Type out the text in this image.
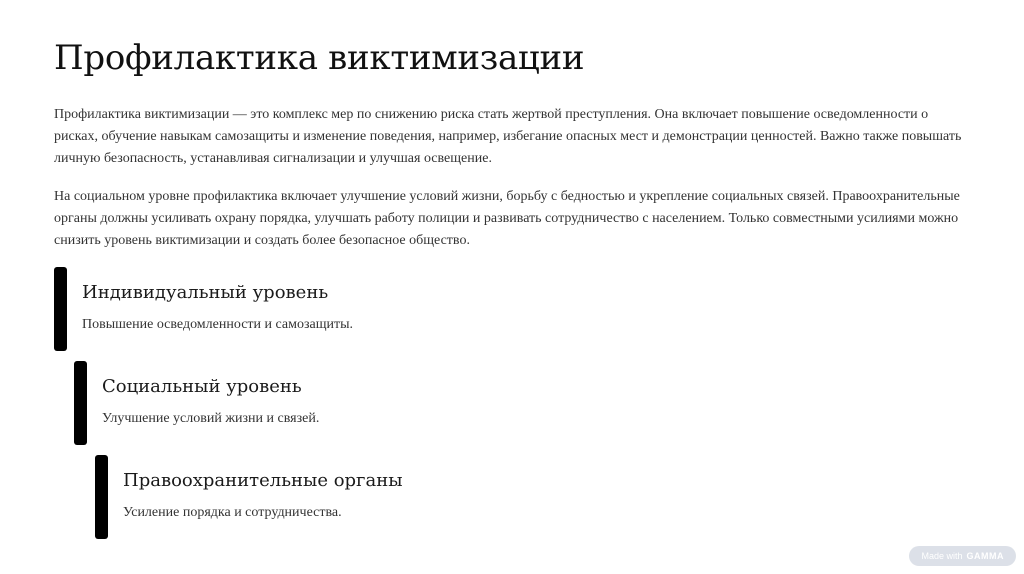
Профилактика виктимизации

Профилактика виктимизации — это комплекс мер по снижению риска стать жертвой преступления. Она включает повышение осведомленности о рисках, обучение навыкам самозащиты и изменение поведения, например, избегание опасных мест и демонстрации ценностей. Важно также повышать личную безопасность, устанавливая сигнализации и улучшая освещение.

На социальном уровне профилактика включает улучшение условий жизни, борьбу с бедностью и укрепление социальных связей. Правоохранительные органы должны усиливать охрану порядка, улучшать работу полиции и развивать сотрудничество с населением. Только совместными усилиями можно снизить уровень виктимизации и создать более безопасное общество.

Индивидуальный уровень

Повышение осведомленности и самозащиты.

Социальный уровень

Улучшение условий жизни и связей.

Правоохранительные органы

Усиление порядка и сотрудничества.

Made with GAMMA
